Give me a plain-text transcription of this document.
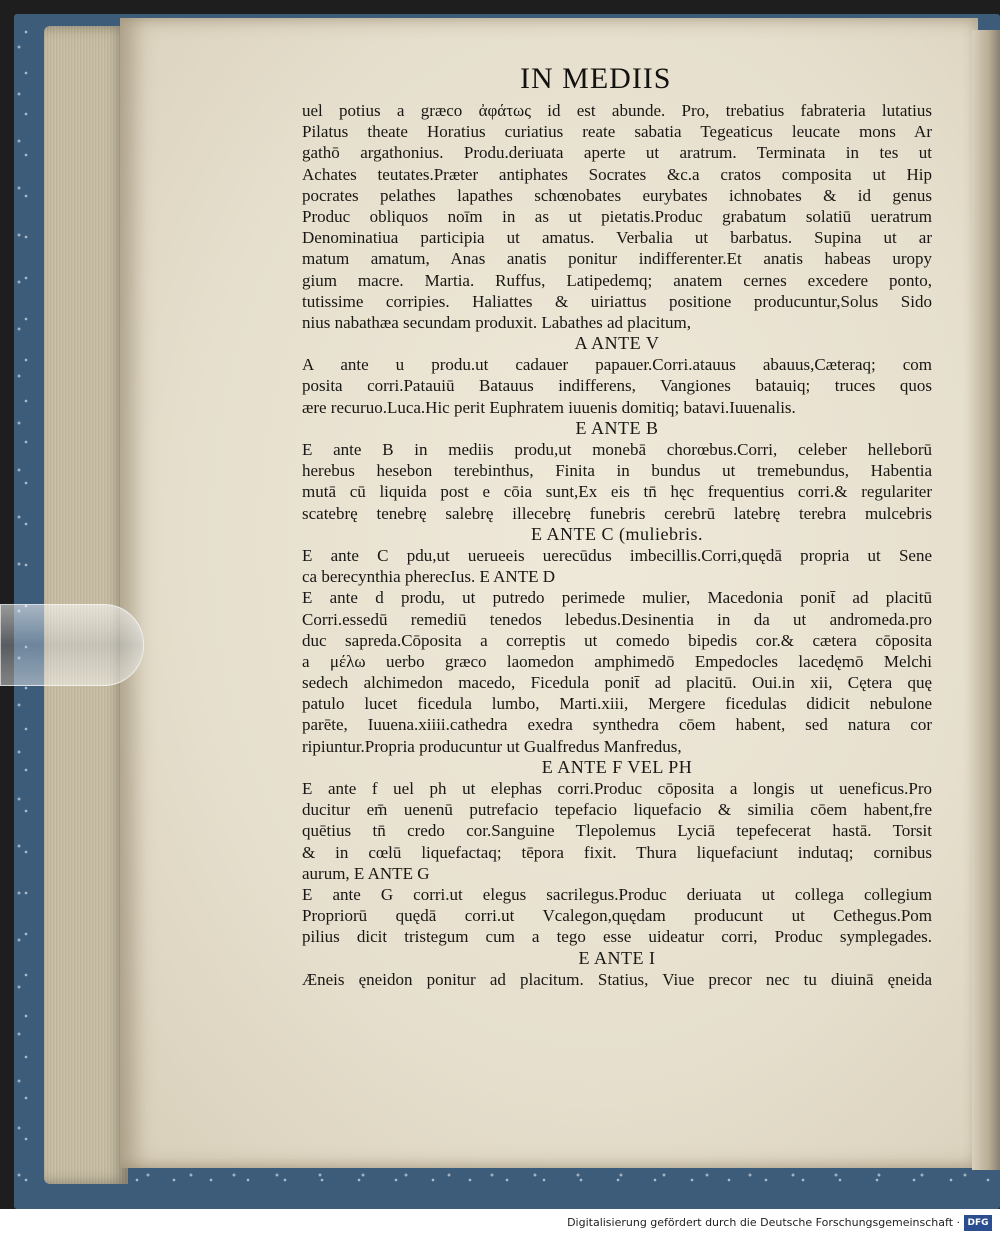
IN MEDIIS
uel potius a græco ἀφάτως id est abunde. Pro, trebatius fabrateria lutatius
Pilatus theate Horatius curiatius reate sabatia Tegeaticus leucate mons Ar
gathō argathonius. Produ.deriuata aperte ut aratrum. Terminata in tes ut
Achates teutates.Præter antiphates Socrates &c.a cratos composita ut Hip
pocrates pelathes lapathes schœnobates eurybates ichnobates & id genus
Produc obliquos noīm in as ut pietatis.Produc grabatum solatiū ueratrum
Denominatiua participia ut amatus. Verbalia ut barbatus. Supina ut ar
matum amatum, Anas anatis ponitur indifferenter.Et anatis habeas uropy
gium macre. Martia. Ruffus, Latipedemq; anatem cernes excedere ponto,
tutissime corripies. Haliattes & uiriattus positione producuntur,Solus Sido
nius nabathæa secundam produxit. Labathes ad placitum,
A ANTE V
A ante u produ.ut cadauer papauer.Corri.atauus abauus,Cæteraq; com
posita corri.Patauiū Batauus indifferens, Vangiones batauiq; truces quos
ære recuruo.Luca.Hic perit Euphratem iuuenis domitiq; batavi.Iuuenalis.
E ANTE B
E ante B in mediis produ,ut monebā chorœbus.Corri, celeber helleborū
herebus hesebon terebinthus, Finita in bundus ut tremebundus, Habentia
mutā cū liquida post e cōia sunt,Ex eis tn̄ hęc frequentius corri.& regulariter
scatebrę tenebrę salebrę illecebrę funebris cerebrū latebrę terebra mulcebris
E ANTE C (muliebris.
E ante C pdu,ut uerueeis uerecūdus imbecillis.Corri,quędā propria ut Sene
ca berecynthia pherecIus. E ANTE D
E ante d produ, ut putredo perimede mulier, Macedonia ponit̄ ad placitū
Corri.essedū remediū tenedos lebedus.Desinentia in da ut andromeda.pro
duc sapreda.Cōposita a correptis ut comedo bipedis cor.& cætera cōposita
a μέλω uerbo græco laomedon amphimedō Empedocles lacedęmō Melchi
sedech alchimedon macedo, Ficedula ponit̄ ad placitū. Oui.in xii, Cętera quę
patulo lucet ficedula lumbo, Marti.xiii, Mergere ficedulas didicit nebulone
parēte, Iuuena.xiiii.cathedra exedra synthedra cōem habent, sed natura cor
ripiuntur.Propria producuntur ut Gualfredus Manfredus,
E ANTE F VEL PH
E ante f uel ph ut elephas corri.Produc cōposita a longis ut ueneficus.Pro
ducitur em̄ uenenū putrefacio tepefacio liquefacio & similia cōem habent,fre
quētius tn̄ credo cor.Sanguine Tlepolemus Lyciā tepefecerat hastā. Torsit
& in cœlū liquefactaq; tēpora fixit. Thura liquefaciunt indutaq; cornibus
aurum, E ANTE G
E ante G corri.ut elegus sacrilegus.Produc deriuata ut collega collegium
Propriorū quędā corri.ut Vcalegon,quędam producunt ut Cethegus.Pom
pilius dicit tristegum cum a tego esse uideatur corri, Produc symplegades.
E ANTE I
Æneis ęneidon ponitur ad placitum. Statius, Viue precor nec tu diuinā ęneida
Digitalisierung gefördert durch die Deutsche Forschungsgemeinschaft · DFG
